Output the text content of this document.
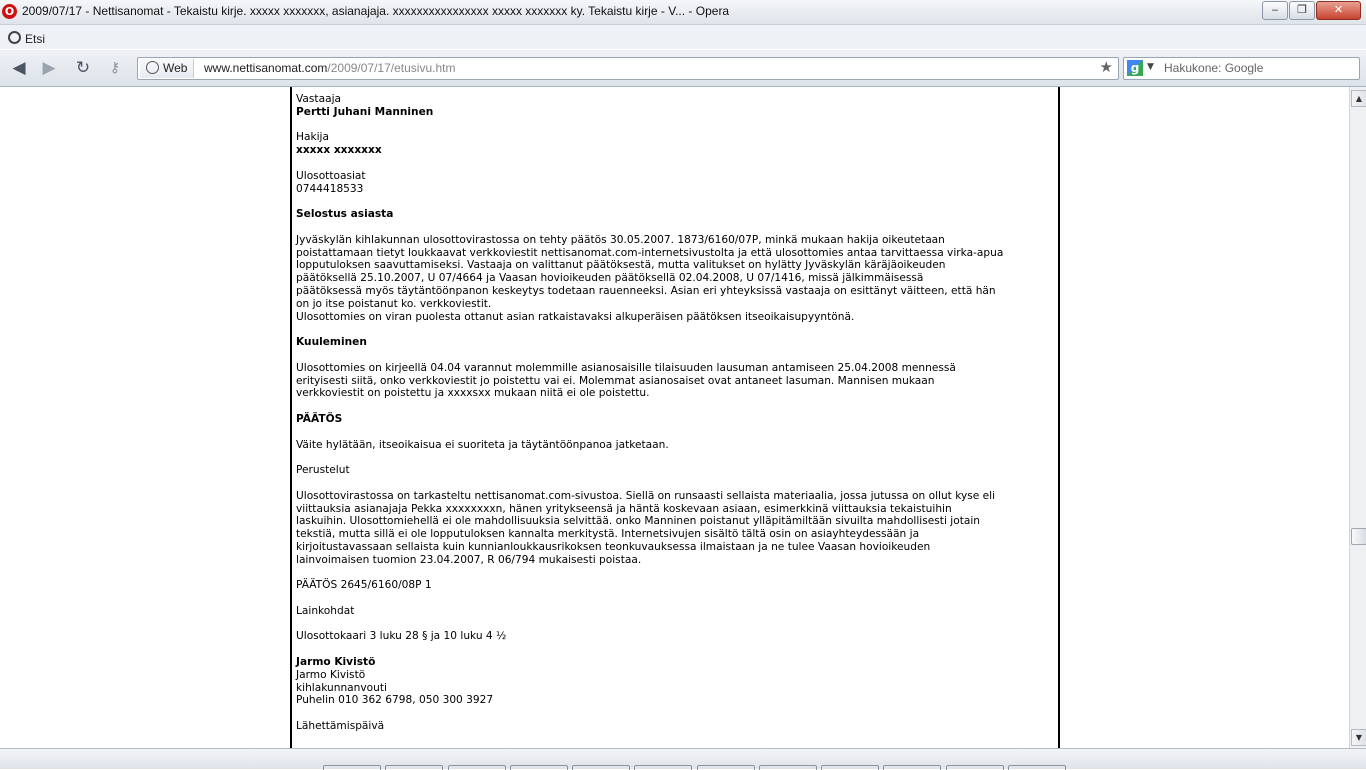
O 2009/07/17 - Nettisanomat - Tekaistu kirje. xxxxx xxxxxxx, asianajaja. xxxxxxxxxxxxxxxx xxxxx xxxxxxx ky. Tekaistu kirje - V... - Opera	‒	❐	✕
Etsi
◀ ▶ ↻	⚷	Web	www.nettisanomat.com/2009/07/17/etusivu.htm	★	g ▼ Hakukone: Google

Vastaaja

Pertti Juhani Manninen

Hakija

xxxxx xxxxxxx

Ulosottoasiat

0744418533

Selostus asiasta

Jyväskylän kihlakunnan ulosottovirastossa on tehty päätös 30.05.2007. 1873/6160/07P, minkä mukaan hakija oikeutetaan

poistattamaan tietyt loukkaavat verkkoviestit nettisanomat.com-internetsivustolta ja että ulosottomies antaa tarvittaessa virka-apua

lopputuloksen saavuttamiseksi. Vastaaja on valittanut päätöksestä, mutta valitukset on hylätty Jyväskylän käräjäoikeuden

päätöksellä 25.10.2007, U 07/4664 ja Vaasan hovioikeuden päätöksellä 02.04.2008, U 07/1416, missä jälkimmäisessä

päätöksessä myös täytäntöönpanon keskeytys todetaan rauenneeksi. Asian eri yhteyksissä vastaaja on esittänyt väitteen, että hän

on jo itse poistanut ko. verkkoviestit.

Ulosottomies on viran puolesta ottanut asian ratkaistavaksi alkuperäisen päätöksen itseoikaisupyyntönä.

Kuuleminen

Ulosottomies on kirjeellä 04.04 varannut molemmille asianosaisille tilaisuuden lausuman antamiseen 25.04.2008 mennessä

erityisesti siitä, onko verkkoviestit jo poistettu vai ei. Molemmat asianosaiset ovat antaneet lasuman. Mannisen mukaan

verkkoviestit on poistettu ja xxxxsxx mukaan niitä ei ole poistettu.

PÄÄTÖS

Väite hylätään, itseoikaisua ei suoriteta ja täytäntöönpanoa jatketaan.

Perustelut

Ulosottovirastossa on tarkasteltu nettisanomat.com-sivustoa. Siellä on runsaasti sellaista materiaalia, jossa jutussa on ollut kyse eli

viittauksia asianajaja Pekka xxxxxxxxn, hänen yritykseensä ja häntä koskevaan asiaan, esimerkkinä viittauksia tekaistuihin

laskuihin. Ulosottomiehellä ei ole mahdollisuuksia selvittää. onko Manninen poistanut ylläpitämiltään sivuilta mahdollisesti jotain

tekstiä, mutta sillä ei ole lopputuloksen kannalta merkitystä. Internetsivujen sisältö tältä osin on asiayhteydessään ja

kirjoitustavassaan sellaista kuin kunnianloukkausrikoksen teonkuvauksessa ilmaistaan ja ne tulee Vaasan hovioikeuden

lainvoimaisen tuomion 23.04.2007, R 06/794 mukaisesti poistaa.

PÄÄTÖS 2645/6160/08P 1

Lainkohdat

Ulosottokaari 3 luku 28 § ja 10 luku 4 ½

Jarmo Kivistö

Jarmo Kivistö

kihlakunnanvouti

Puhelin 010 362 6798, 050 300 3927

Lähettämispäivä

▲
▼
